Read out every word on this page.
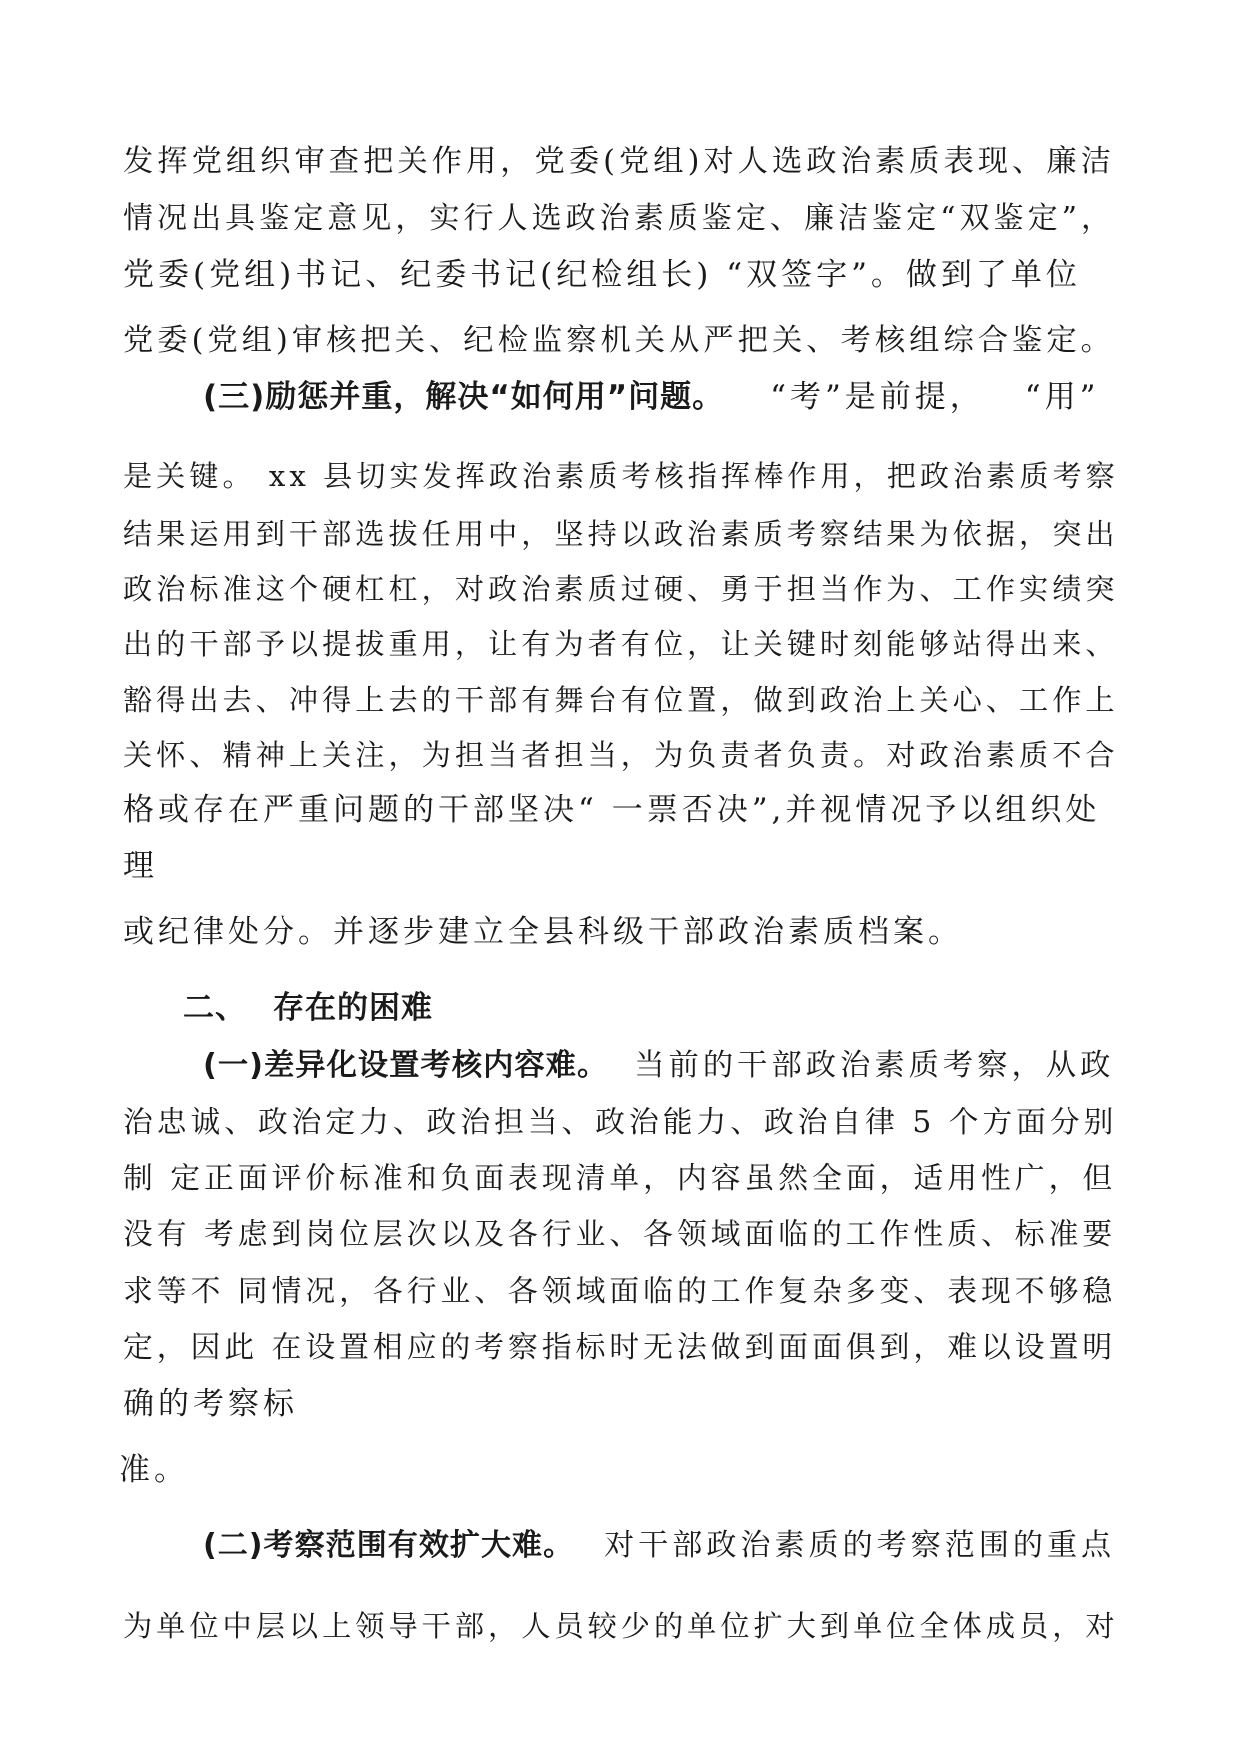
发挥党组织审查把关作用，党委(党组)对人选政治素质表现、廉洁
情况出具鉴定意见，实行人选政治素质鉴定、廉洁鉴定“双鉴定”，
党委(党组)书记、纪委书记(纪检组长) “双签字”。做到了单位
党委(党组)审核把关、纪检监察机关从严把关、考核组综合鉴定。
(三)励惩并重，解决“如何用”问题。 “考”是前提， “用”
是关键。 xx 县切实发挥政治素质考核指挥棒作用，把政治素质考察
结果运用到干部选拔任用中，坚持以政治素质考察结果为依据，突出
政治标准这个硬杠杠，对政治素质过硬、勇于担当作为、工作实绩突
出的干部予以提拔重用，让有为者有位，让关键时刻能够站得出来、
豁得出去、冲得上去的干部有舞台有位置，做到政治上关心、工作上
关怀、精神上关注，为担当者担当，为负责者负责。对政治素质不合
格或存在严重问题的干部坚决“ 一票否决”,并视情况予以组织处
理
或纪律处分。并逐步建立全县科级干部政治素质档案。
二、 存在的困难
(一)差异化设置考核内容难。 当前的干部政治素质考察，从政
治忠诚、政治定力、政治担当、政治能力、政治自律 5 个方面分别
制 定正面评价标准和负面表现清单，内容虽然全面，适用性广，但
没有 考虑到岗位层次以及各行业、各领域面临的工作性质、标准要
求等不 同情况，各行业、各领域面临的工作复杂多变、表现不够稳
定，因此 在设置相应的考察指标时无法做到面面俱到，难以设置明
确的考察标
准。
(二)考察范围有效扩大难。 对干部政治素质的考察范围的重点
为单位中层以上领导干部，人员较少的单位扩大到单位全体成员，对
